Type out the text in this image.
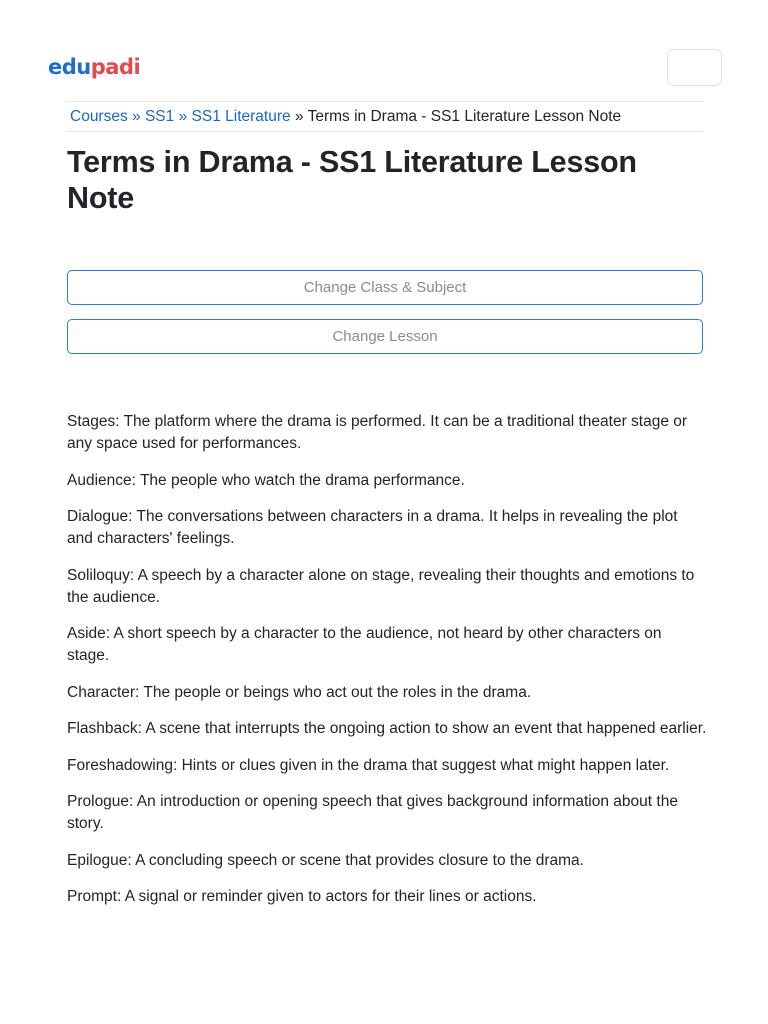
edupadi
Courses » SS1 » SS1 Literature » Terms in Drama - SS1 Literature Lesson Note
Terms in Drama - SS1 Literature Lesson Note
Change Class & Subject
Change Lesson

Stages: The platform where the drama is performed. It can be a traditional theater stage or any space used for performances.

Audience: The people who watch the drama performance.

Dialogue: The conversations between characters in a drama. It helps in revealing the plot and characters' feelings.

Soliloquy: A speech by a character alone on stage, revealing their thoughts and emotions to the audience.

Aside: A short speech by a character to the audience, not heard by other characters on stage.

Character: The people or beings who act out the roles in the drama.

Flashback: A scene that interrupts the ongoing action to show an event that happened earlier.

Foreshadowing: Hints or clues given in the drama that suggest what might happen later.

Prologue: An introduction or opening speech that gives background information about the story.

Epilogue: A concluding speech or scene that provides closure to the drama.

Prompt: A signal or reminder given to actors for their lines or actions.
